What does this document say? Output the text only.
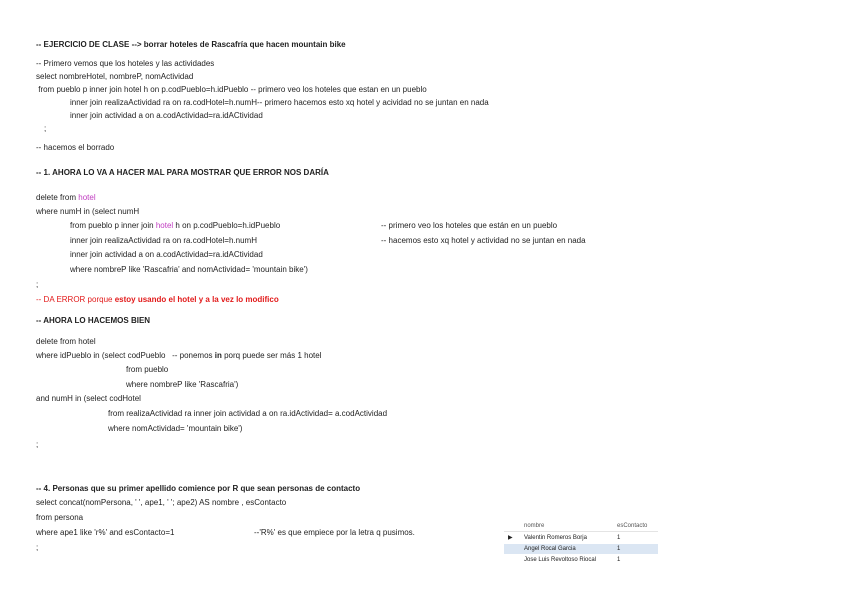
-- EJERCICIO DE CLASE --> borrar hoteles de Rascafría que hacen mountain bike
-- Primero vemos que los hoteles y las actividades
select nombreHotel, nombreP, nomActividad
from pueblo p inner join hotel h on p.codPueblo=h.idPueblo -- primero veo los hoteles que estan en un pueblo
inner join realizaActividad ra on ra.codHotel=h.numH-- primero hacemos esto xq hotel y acividad no se juntan en nada
inner join actividad a on a.codActividad=ra.idACtividad
;
-- hacemos el borrado
-- 1. AHORA LO VA A HACER MAL PARA MOSTRAR QUE ERROR NOS DARÍA
delete from hotel
where numH in (select numH
from pueblo p inner join hotel h on p.codPueblo=h.idPueblo	-- primero veo los hoteles que están en un pueblo
inner join realizaActividad ra on ra.codHotel=h.numH	-- hacemos esto xq hotel y actividad no se juntan en nada
inner join actividad a on a.codActividad=ra.idACtividad
where nombreP like 'Rascafria' and nomActividad= 'mountain bike')
;
-- DA ERROR porque estoy usando el hotel y a la vez lo modifico
-- AHORA LO HACEMOS BIEN
delete from hotel
where idPueblo in (select codPueblo   -- ponemos in porq puede ser más 1 hotel
from pueblo
where nombreP like 'Rascafria')
and numH in (select codHotel
from realizaActividad ra inner join actividad a on ra.idActividad= a.codActividad
where nomActividad= 'mountain bike')
;
-- 4. Personas que su primer apellido comience por R que sean personas de contacto
select concat(nomPersona, ' ', ape1, ' '; ape2) AS nombre , esContacto
from persona
where ape1 like 'r%' and esContacto=1	--'R%' es que empiece por la letra q pusimos.
;
nombre	esContacto
▶	Valentin Romeros Borja	1
Angel Rocal Garcia	1
Jose Luis Revoltoso Riocal	1
